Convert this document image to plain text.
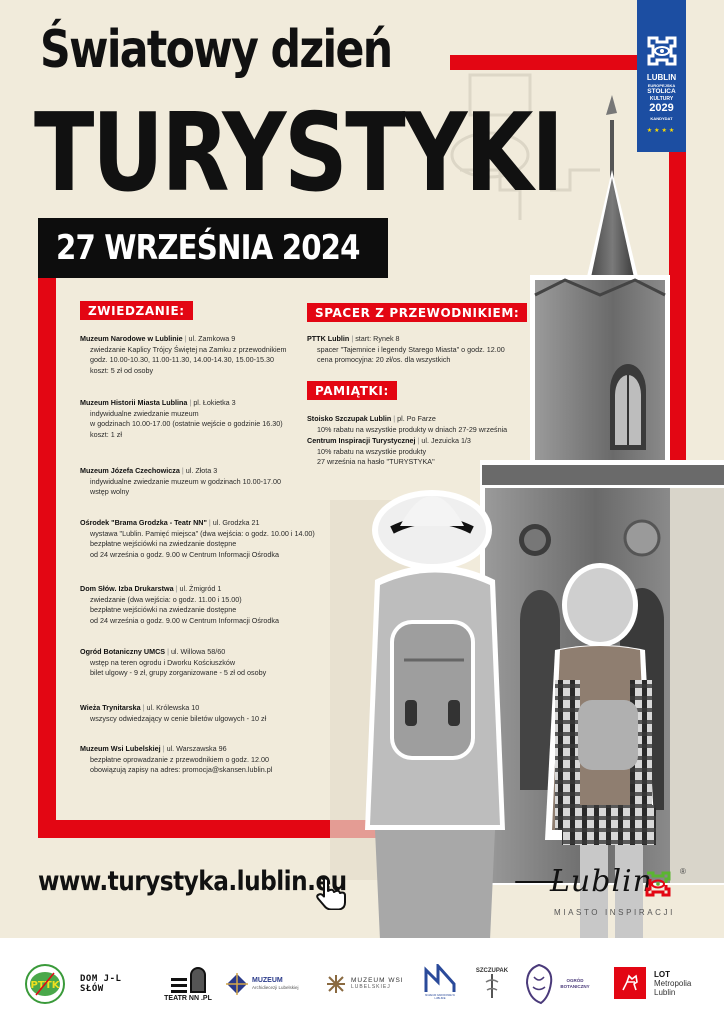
LUBLIN
EUROPEJSKA
STOLICA
KULTURY
2029
KANDYDAT
★★★★
Światowy dzień
TURYSTYKI
27 WRZEŚNIA 2024
ZWIEDZANIE:
Muzeum Narodowe w Lublinie | ul. Zamkowa 9
zwiedzanie Kaplicy Trójcy Świętej na Zamku z przewodnikiem
godz. 10.00-10.30, 11.00-11.30, 14.00-14.30, 15.00-15.30
koszt: 5 zł od osoby
Muzeum Historii Miasta Lublina | pl. Łokietka 3
indywidualne zwiedzanie muzeum
w godzinach 10.00-17.00 (ostatnie wejście o godzinie 16.30)
koszt: 1 zł
Muzeum Józefa Czechowicza | ul. Złota 3
indywidualne zwiedzanie muzeum w godzinach 10.00-17.00
wstęp wolny
Ośrodek "Brama Grodzka - Teatr NN" | ul. Grodzka 21
wystawa "Lublin. Pamięć miejsca" (dwa wejścia: o godz. 10.00 i 14.00)
bezpłatne wejściówki na zwiedzanie dostępne
od 24 września o godz. 9.00 w Centrum Informacji Ośrodka
Dom Słów. Izba Drukarstwa | ul. Żmigród 1
zwiedzanie (dwa wejścia: o godz. 11.00 i 15.00)
bezpłatne wejściówki na zwiedzanie dostępne
od 24 września o godz. 9.00 w Centrum Informacji Ośrodka
Ogród Botaniczny UMCS | ul. Willowa 58/60
wstęp na teren ogrodu i Dworku Kościuszków
bilet ulgowy - 9 zł, grupy zorganizowane - 5 zł od osoby
Wieża Trynitarska | ul. Królewska 10
wszyscy odwiedzający w cenie biletów ulgowych - 10 zł
Muzeum Wsi Lubelskiej | ul. Warszawska 96
bezpłatne oprowadzanie z przewodnikiem o godz. 12.00
obowiązują zapisy na adres: promocja@skansen.lublin.pl
SPACER Z PRZEWODNIKIEM:
PTTK Lublin | start: Rynek 8
spacer "Tajemnice i legendy Starego Miasta" o godz. 12.00
cena promocyjna: 20 zł/os. dla wszystkich
PAMIĄTKI:
Stoisko Szczupak Lublin | pl. Po Farze
10% rabatu na wszystkie produkty w dniach 27-29 września
Centrum Inspiracji Turystycznej | ul. Jezuicka 1/3
10% rabatu na wszystkie produkty
27 września na hasło "TURYSTYKA"
www.turystyka.lublin.eu	Lublin	®
MIASTO INSPIRACJI
PTTK
DOM J-L SŁÓW
TEATR NN .PL
MUZEUM
Archidiecezji Lubelskiej
MUZEUM WSI
LUBELSKIEJ
MUZEUM NARODOWE W LUBLINIE
SZCZUPAK
OGRÓD BOTANICZNY
LOT
Metropolia
Lublin
